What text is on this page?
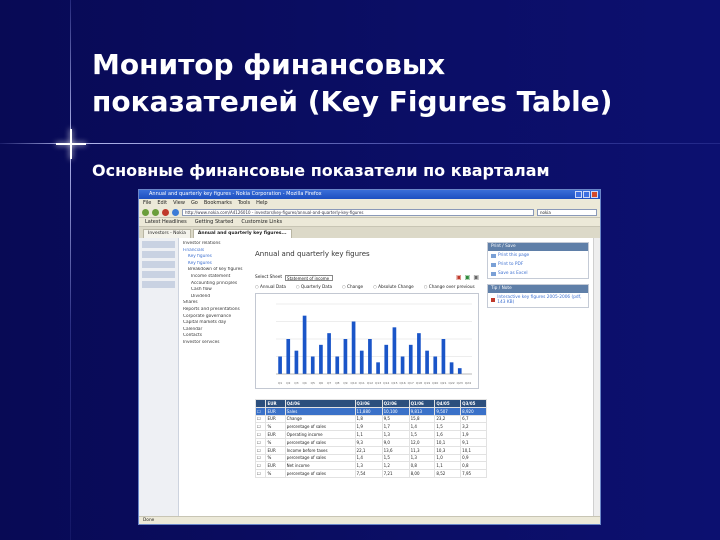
Монитор финансовых
показателей (Key Figures Table)
Основные финансовые показатели по кварталам
Annual and quarterly key figures - Nokia Corporation - Mozilla Firefox
File Edit View Go Bookmarks Tools Help
http://www.nokia.com/A4126010 - investors/key-figures/annual-and-quarterly-key-figures	nokia
Latest Headlines Getting Started Customize Links
Investors - Nokia	Annual and quarterly key figures...
Investor relations
Financials
Key figures
Key figures
Breakdown of key figures
Income statement
Accounting principles
Cash flow
Dividend
Shares
Reports and presentations
Corporate governance
Capital markets day
Calendar
Contacts
Investor services
Annual and quarterly key figures
Select Sheet	Statement of income	▣ ▣ ▣
○ Annual Data	○ Quarterly Data	○ Change	○ Absolute Change	○ Change over previous
Q1 Q2 Q3 Q4 Q5 Q6 Q7 Q8 Q9 Q10 Q11 Q12 Q13 Q14 Q15 Q16 Q17 Q18 Q19 Q20 Q21 Q22 Q23 Q24
	EUR	Q4/06	Q3/06	Q2/06	Q1/06	Q4/05	Q3/05
☐	EUR	Sales	11,880	10,100	9,813	9,507	8,920
☐	EUR	Change	1,8	9,5	15,8	23,2	6,7
☐	%	percentage of sales	1,9	1,7	1,4	1,5	3,2
☐	EUR	Operating income	1,1	1,3	1,5	1,6	1,9
☐	%	percentage of sales	9,3	9,0	12,0	10,1	9,1
☐	EUR	Income before taxes	22,1	13,6	11,3	10,3	10,1
☐	%	percentage of sales	1,4	1,5	1,3	1,0	0,9
☐	EUR	Net income	1,3	1,2	0,8	1,1	0,8
☐	%	percentage of sales	7,54	7,21	8,00	8,52	7,95
Print / Save
Print this page
Print to PDF
Save as Excel
Tip / Note
Interactive key figures 2005-2006 (pdf, 143 KB)
Done
